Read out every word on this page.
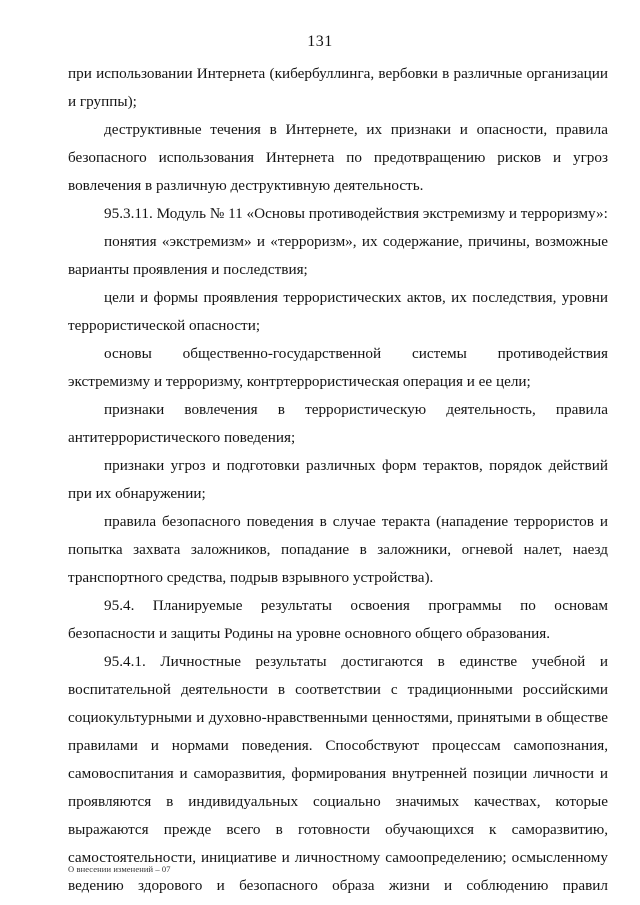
131

при использовании Интернета (кибербуллинга, вербовки в различные организации и группы);

деструктивные течения в Интернете, их признаки и опасности, правила безопасного использования Интернета по предотвращению рисков и угроз вовлечения в различную деструктивную деятельность.

95.3.11. Модуль № 11 «Основы противодействия экстремизму и терроризму»:

понятия «экстремизм» и «терроризм», их содержание, причины, возможные варианты проявления и последствия;

цели и формы проявления террористических актов, их последствия, уровни террористической опасности;

основы общественно-государственной системы противодействия экстремизму и терроризму, контртеррористическая операция и ее цели;

признаки вовлечения в террористическую деятельность, правила антитеррористического поведения;

признаки угроз и подготовки различных форм терактов, порядок действий при их обнаружении;

правила безопасного поведения в случае теракта (нападение террористов и попытка захвата заложников, попадание в заложники, огневой налет, наезд транспортного средства, подрыв взрывного устройства).

95.4. Планируемые результаты освоения программы по основам безопасности и защиты Родины на уровне основного общего образования.

95.4.1. Личностные результаты достигаются в единстве учебной и воспитательной деятельности в соответствии с традиционными российскими социокультурными и духовно-нравственными ценностями, принятыми в обществе правилами и нормами поведения. Способствуют процессам самопознания, самовоспитания и саморазвития, формирования внутренней позиции личности и проявляются в индивидуальных социально значимых качествах, которые выражаются прежде всего в готовности обучающихся к саморазвитию, самостоятельности, инициативе и личностному самоопределению; осмысленному ведению здорового и безопасного образа жизни и соблюдению правил

О внесении изменений – 07
